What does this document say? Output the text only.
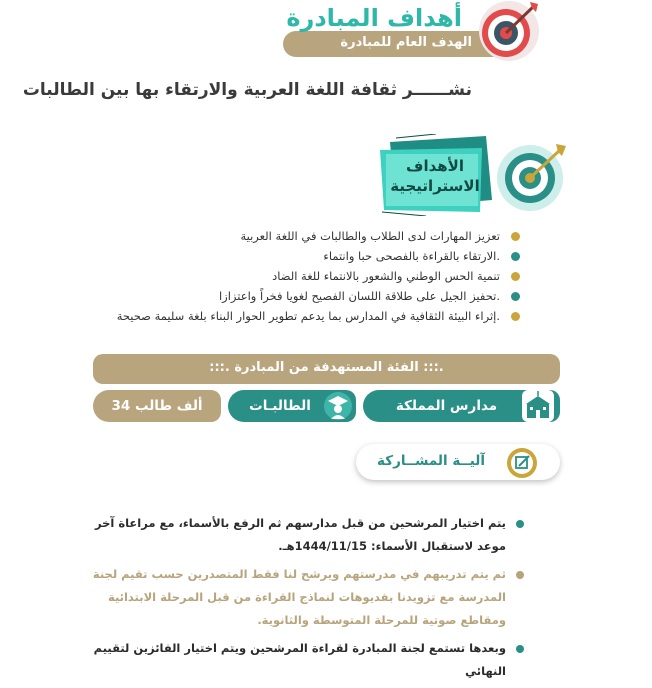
أهداف المبادرة
الهدف العام للمبادرة
نشــــــر ثقافة اللغة العربية والارتقاء بها بين الطالبات
الأهداف
الاستراتيجية
تعزيز المهارات لدى الطلاب والطالبات في اللغة العربية
الارتقاء بالقراءة بالفصحى حبا وانتماء.
تنمية الحس الوطني والشعور بالانتماء للغة الضاد
تحفيز الجيل على طلاقة اللسان الفصيح لغويا فخراً واعتزازا.
إثراء البيئة الثقافية في المدارس بما يدعم تطوير الحوار البناء بلغة سليمة صحيحة.
:::. الفئة المستهدفة من المبادرة :::.
مدارس المملكة
الطالبـات
34 ألف طالب
آليــة المشــاركة
يتم اختيار المرشحين من قبل مدارسهم ثم الرفع بالأسماء، مع مراعاة آخر موعد لاستقبال الأسماء: 1444/11/15هـ.
ثم يتم تدريبهم في مدرستهم ويرشح لنا فقط المتصدرين حسب تقيم لجنة المدرسة مع تزويدنا بفديوهات لنماذج القراءة من قبل المرحلة الابتدائية ومقاطع صوتية للمرحلة المتوسطة والثانوية.
وبعدها تستمع لجنة المبادرة لقراءة المرشحين ويتم اختيار الفائزين لتقييم النهائي
